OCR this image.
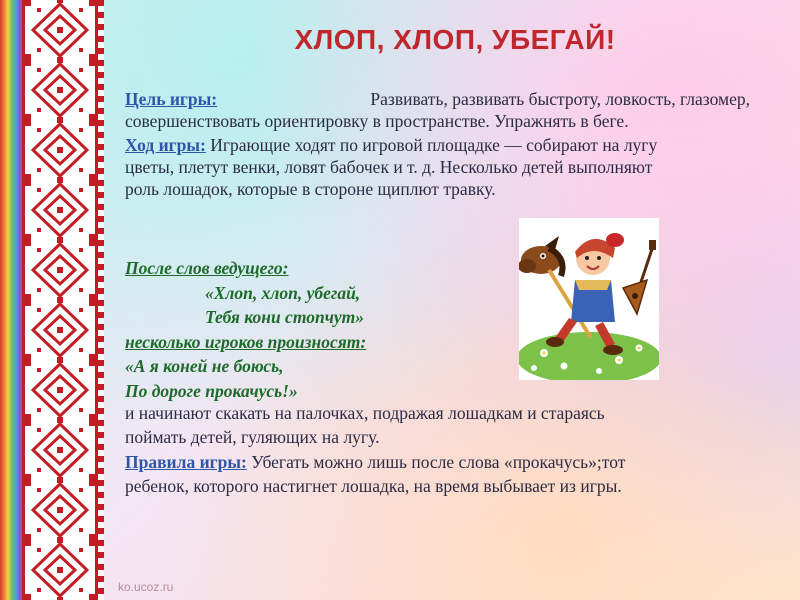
ХЛОП, ХЛОП, УБЕГАЙ!
Цель игры:	Развивать, развивать быстроту, ловкость, глазомер,
совершенствовать ориентировку в пространстве. Упражнять в беге.
Ход игры: Играющие ходят по игровой площадке — собирают на лугу
цветы, плетут венки, ловят бабочек и т. д. Несколько детей выполняют
роль лошадок, которые в стороне щиплют травку.
После слов ведущего:
«Хлоп, хлоп, убегай,
Тебя кони стопчут»
несколько игроков произносят:
«А я коней не боюсь,
По дороге прокачусь!»
и начинают скакать на палочках, подражая лошадкам и стараясь
поймать детей, гуляющих на лугу.
Правила игры: Убегать можно лишь после слова «прокачусь»;тот
ребенок, которого настигнет лошадка, на время выбывает из игры.
ko.ucoz.ru
